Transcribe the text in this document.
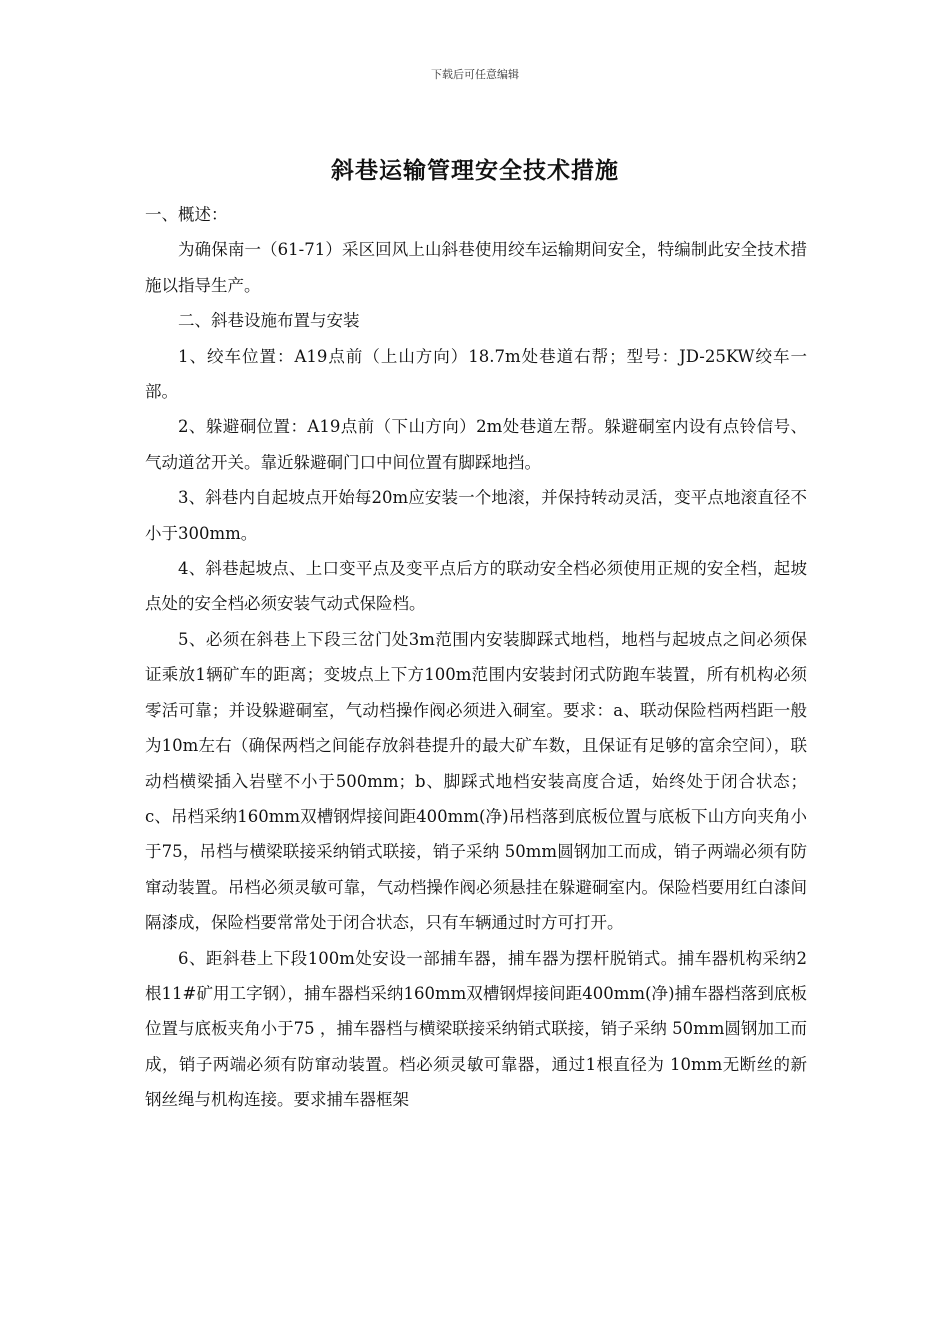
下载后可任意编辑
斜巷运输管理安全技术措施

一、概述：

为确保南一（61-71）采区回风上山斜巷使用绞车运输期间安全，特编制此安全技术措施以指导生产。

二、斜巷设施布置与安装

1、绞车位置：A19点前（上山方向）18.7m处巷道右帮；型号：JD-25KW绞车一部。

2、躲避硐位置：A19点前（下山方向）2m处巷道左帮。躲避硐室内设有点铃信号、气动道岔开关。靠近躲避硐门口中间位置有脚踩地挡。

3、斜巷内自起坡点开始每20m应安装一个地滚，并保持转动灵活，变平点地滚直径不小于300mm。

4、斜巷起坡点、上口变平点及变平点后方的联动安全档必须使用正规的安全档，起坡点处的安全档必须安装气动式保险档。

5、必须在斜巷上下段三岔门处3m范围内安装脚踩式地档，地档与起坡点之间必须保证乘放1辆矿车的距离；变坡点上下方100m范围内安装封闭式防跑车装置，所有机构必须零活可靠；并设躲避硐室，气动档操作阀必须进入硐室。要求：a、联动保险档两档距一般为10m左右（确保两档之间能存放斜巷提升的最大矿车数，且保证有足够的富余空间），联动档横梁插入岩壁不小于500mm；b、脚踩式地档安装高度合适，始终处于闭合状态； c、吊档采纳160mm双槽钢焊接间距400mm(净)吊档落到底板位置与底板下山方向夹角小于75，吊档与横梁联接采纳销式联接，销子采纳 50mm圆钢加工而成，销子两端必须有防窜动装置。吊档必须灵敏可靠，气动档操作阀必须悬挂在躲避硐室内。保险档要用红白漆间隔漆成，保险档要常常处于闭合状态，只有车辆通过时方可打开。

6、距斜巷上下段100m处安设一部捕车器，捕车器为摆杆脱销式。捕车器机构采纳2根11#矿用工字钢），捕车器档采纳160mm双槽钢焊接间距400mm(净)捕车器档落到底板位置与底板夹角小于75 ，捕车器档与横梁联接采纳销式联接，销子采纳 50mm圆钢加工而成，销子两端必须有防窜动装置。档必须灵敏可靠器，通过1根直径为 10mm无断丝的新钢丝绳与机构连接。要求捕车器框架
